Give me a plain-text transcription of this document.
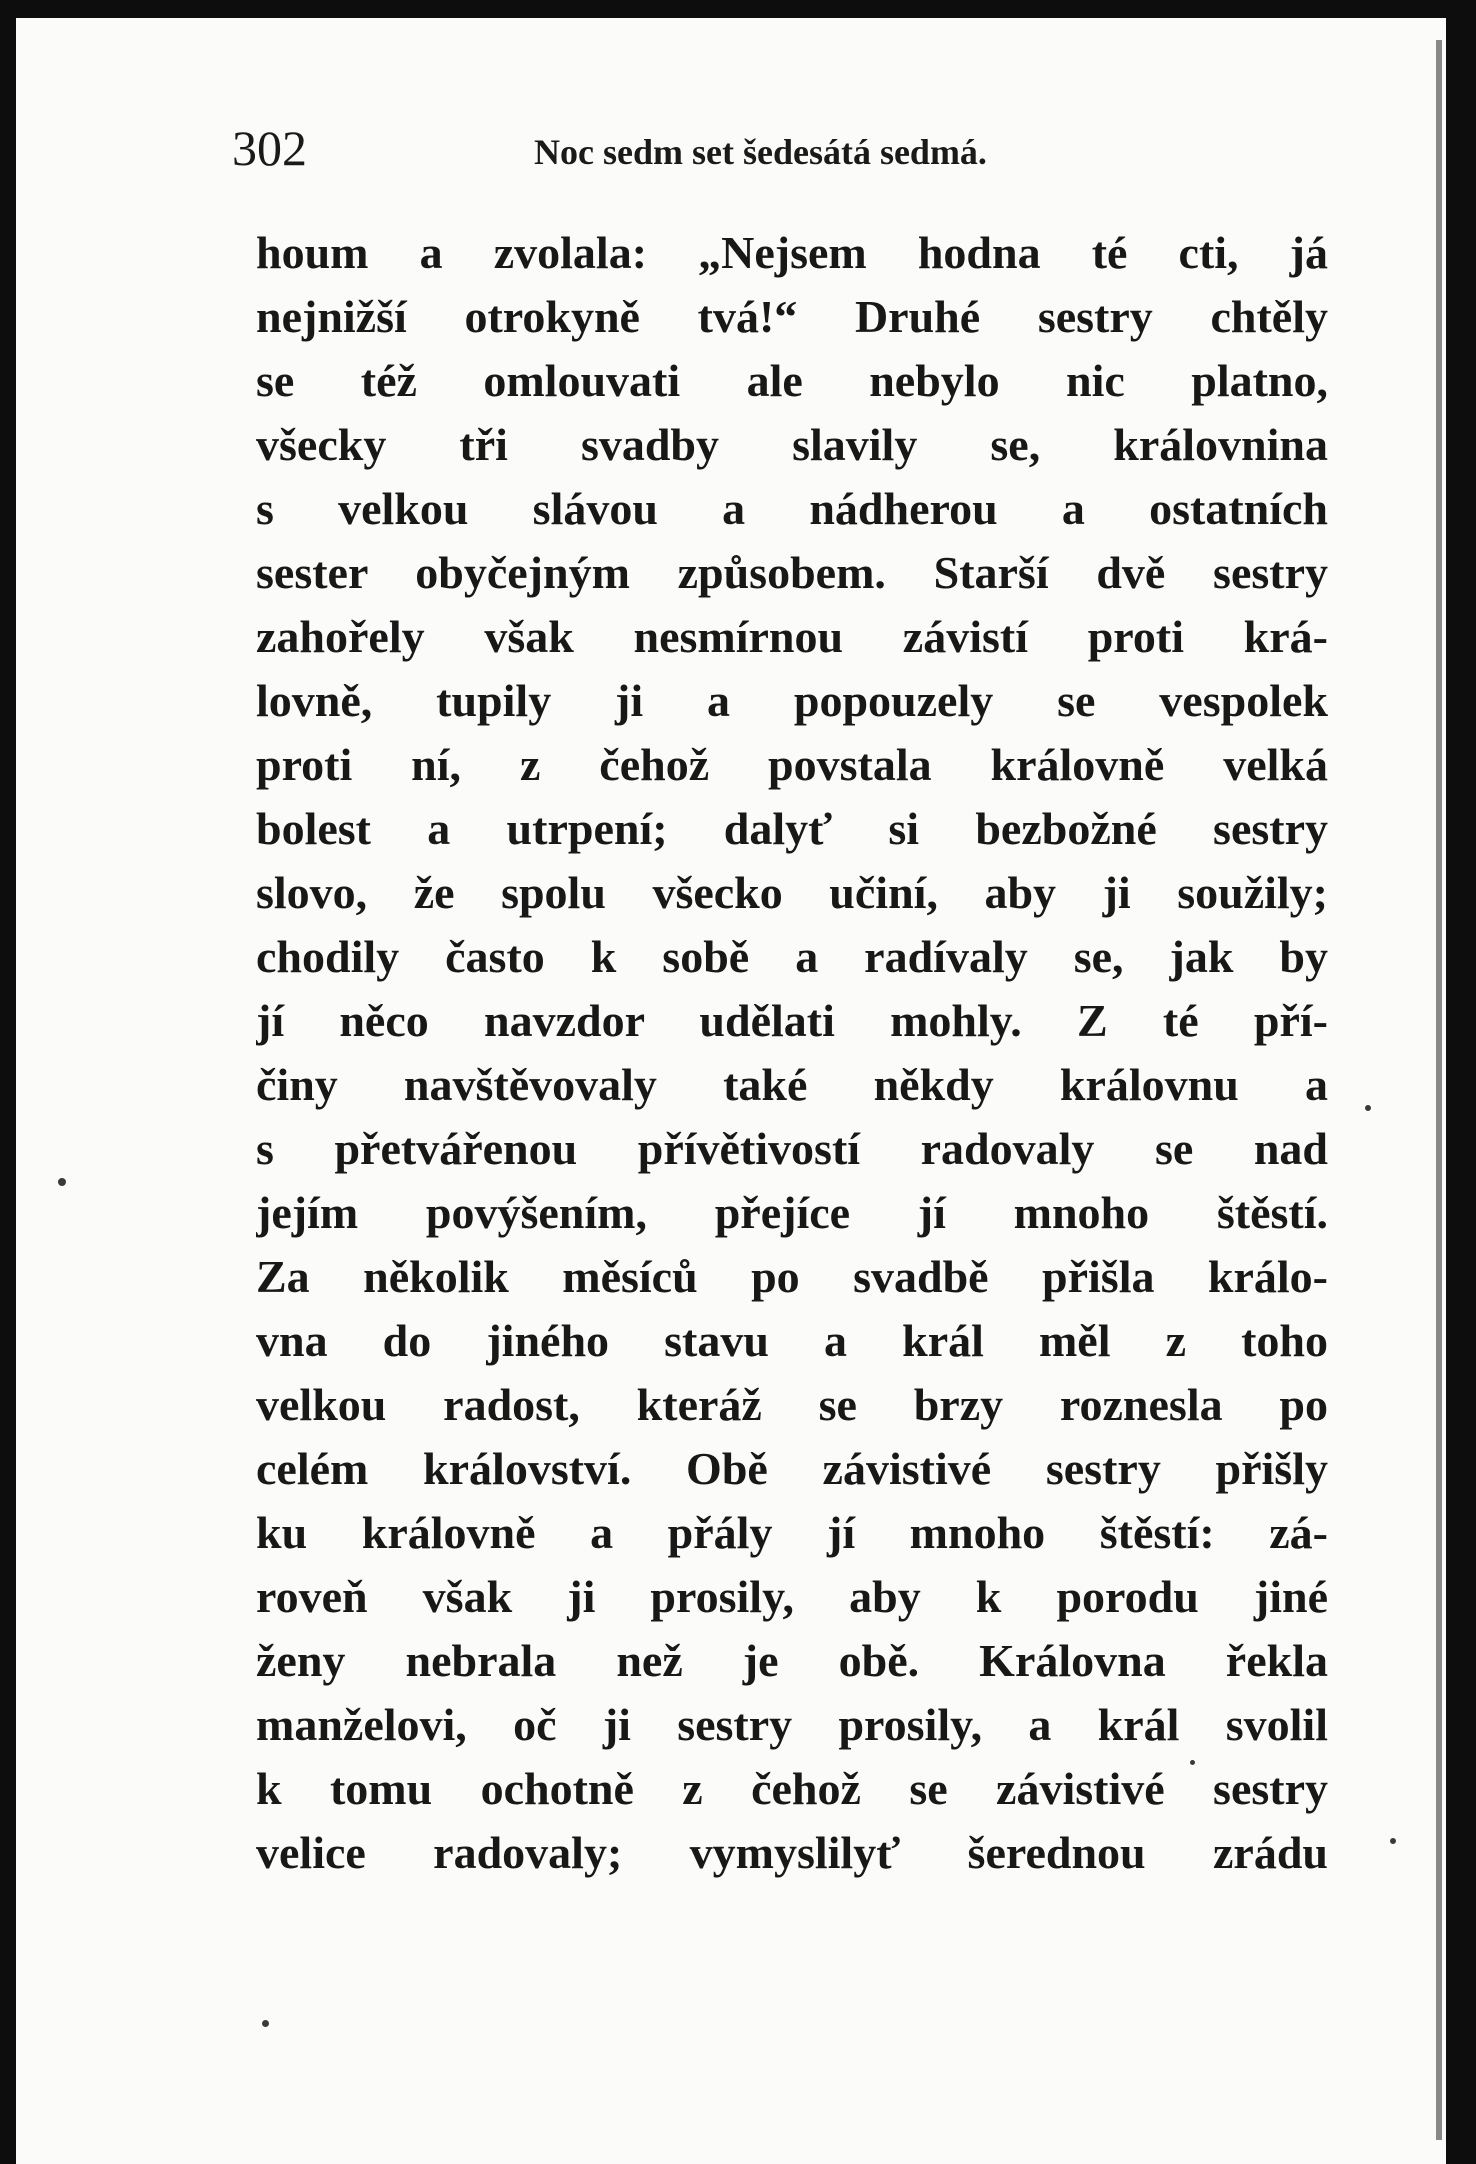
302	Noc sedm set šedesátá sedmá.

houm a zvolala: „Nejsem hodna té cti, já

nejnižší otrokyně tvá!“ Druhé sestry chtěly

se též omlouvati ale nebylo nic platno,

všecky tři svadby slavily se, královnina

s velkou slávou a nádherou a ostatních

sester obyčejným způsobem. Starší dvě sestry

zahořely však nesmírnou závistí proti krá-

lovně, tupily ji a popouzely se vespolek

proti ní, z čehož povstala královně velká

bolest a utrpení; dalyť si bezbožné sestry

slovo, že spolu všecko učiní, aby ji soužily;

chodily často k sobě a radívaly se, jak by

jí něco navzdor udělati mohly. Z té pří-

činy navštěvovaly také někdy královnu a

s přetvářenou přívětivostí radovaly se nad

jejím povýšením, přejíce jí mnoho štěstí.

Za několik měsíců po svadbě přišla králo-

vna do jiného stavu a král měl z toho

velkou radost, kteráž se brzy roznesla po

celém království. Obě závistivé sestry přišly

ku královně a přály jí mnoho štěstí: zá-

roveň však ji prosily, aby k porodu jiné

ženy nebrala než je obě. Královna řekla

manželovi, oč ji sestry prosily, a král svolil

k tomu ochotně z čehož se závistivé sestry

velice radovaly; vymyslilyť šerednou zrádu
